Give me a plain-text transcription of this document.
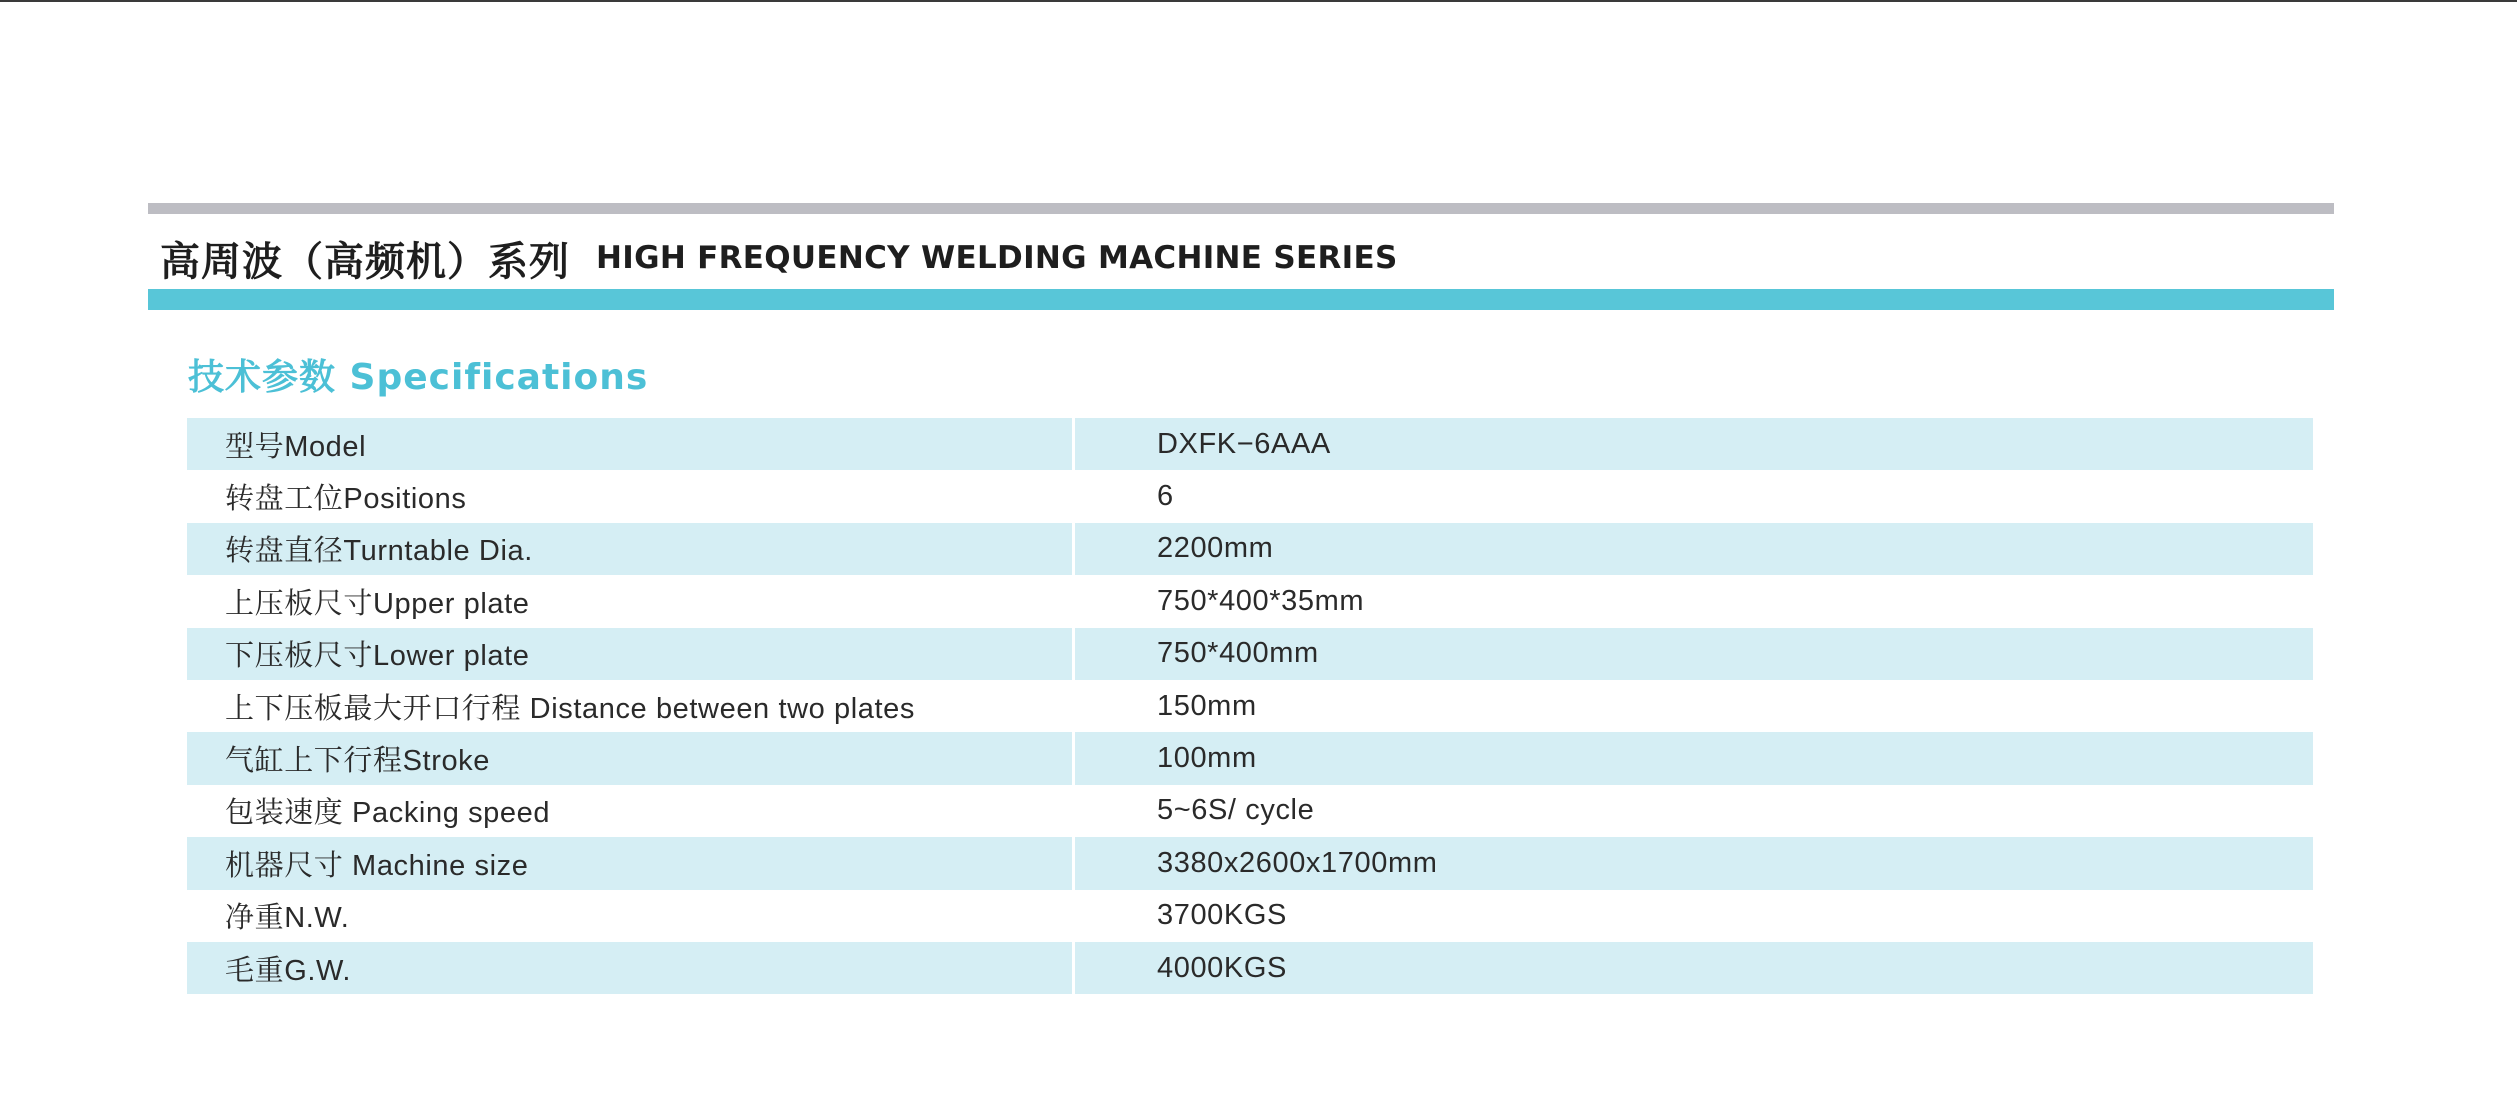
高周波（高频机）系列 HIGH FREQUENCY WELDING MACHINE SERIES
技术参数 Specifications
型号Model	DXFK−6AAA
转盘工位Positions	6
转盘直径Turntable Dia.	2200mm
上压板尺寸Upper plate	750*400*35mm
下压板尺寸Lower plate	750*400mm
上下压板最大开口行程 Distance between two plates	150mm
气缸上下行程Stroke	100mm
包装速度 Packing speed	5~6S/ cycle
机器尺寸 Machine size	3380x2600x1700mm
净重N.W.	3700KGS
毛重G.W.	4000KGS
